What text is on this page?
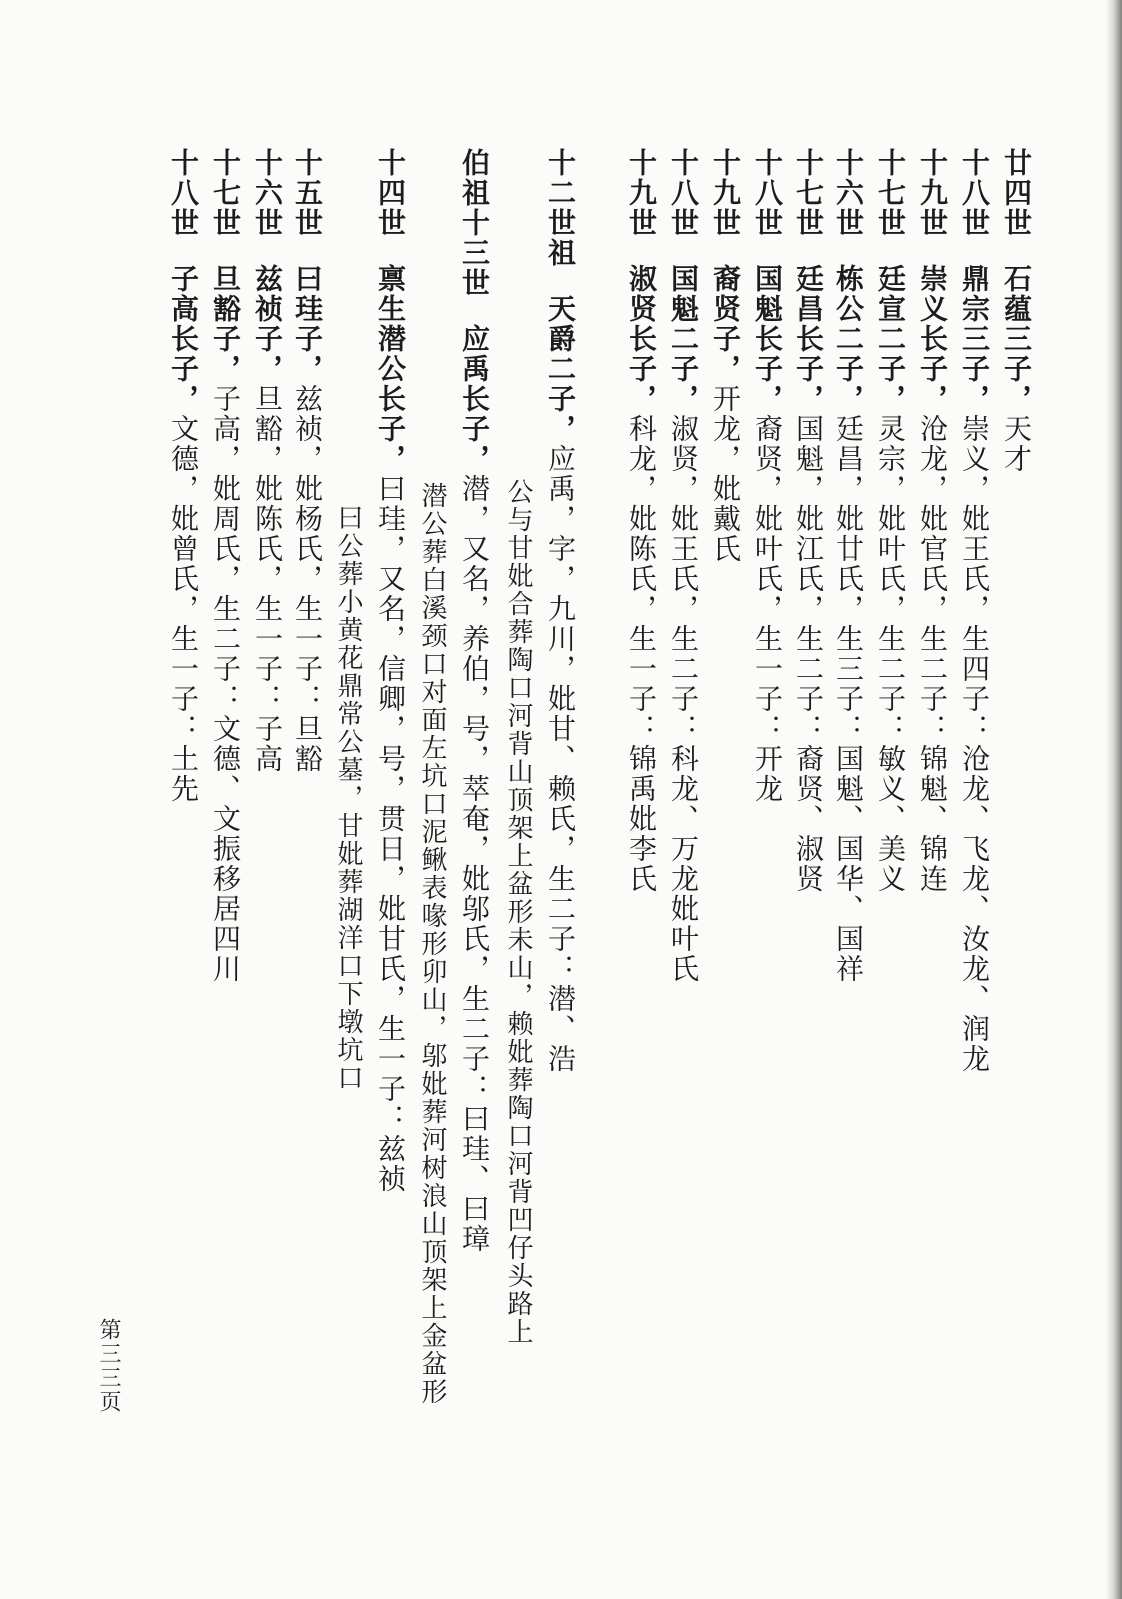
廿四世石蕴三子，天才
十八世鼎宗三子，崇义，妣王氏，生四子：沧龙、飞龙、汝龙、润龙
十九世崇义长子，沧龙，妣官氏，生二子：锦魁、锦连
十七世廷宣二子，灵宗，妣叶氏，生二子：敏义、美义
十六世栋公二子，廷昌，妣廿氏，生三子：国魁、国华、国祥
十七世廷昌长子，国魁，妣江氏，生二子：裔贤、淑贤
十八世国魁长子，裔贤，妣叶氏，生一子：开龙
十九世裔贤子，开龙，妣戴氏
十八世国魁二子，淑贤，妣王氏，生二子：科龙、万龙妣叶氏
十九世淑贤长子，科龙，妣陈氏，生一子：锦禹妣李氏
十二世祖天爵二子，应禹，字，九川，妣甘、赖氏，生二子：潜、浩
公与甘妣合葬陶口河背山顶架上盆形未山，赖妣葬陶口河背凹仔头路上
伯祖十三世应禹长子，潜，又名，养伯，号，萃奄，妣邬氏，生二子：曰珪、曰璋
潜公葬白溪颈口对面左坑口泥鳅表喙形卯山，邬妣葬河树浪山顶架上金盆形
十四世禀生潜公长子，曰珪，又名，信卿，号，贯日，妣甘氏，生一子：兹祯
曰公葬小黄花鼎常公墓，甘妣葬湖洋口下墩坑口
十五世曰珪子，兹祯，妣杨氏，生一子：旦豁
十六世兹祯子，旦豁，妣陈氏，生一子：子高
十七世旦豁子，子高，妣周氏，生二子：文德、文振移居四川
十八世子高长子，文德，妣曾氏，生一子：土先
第三三页
